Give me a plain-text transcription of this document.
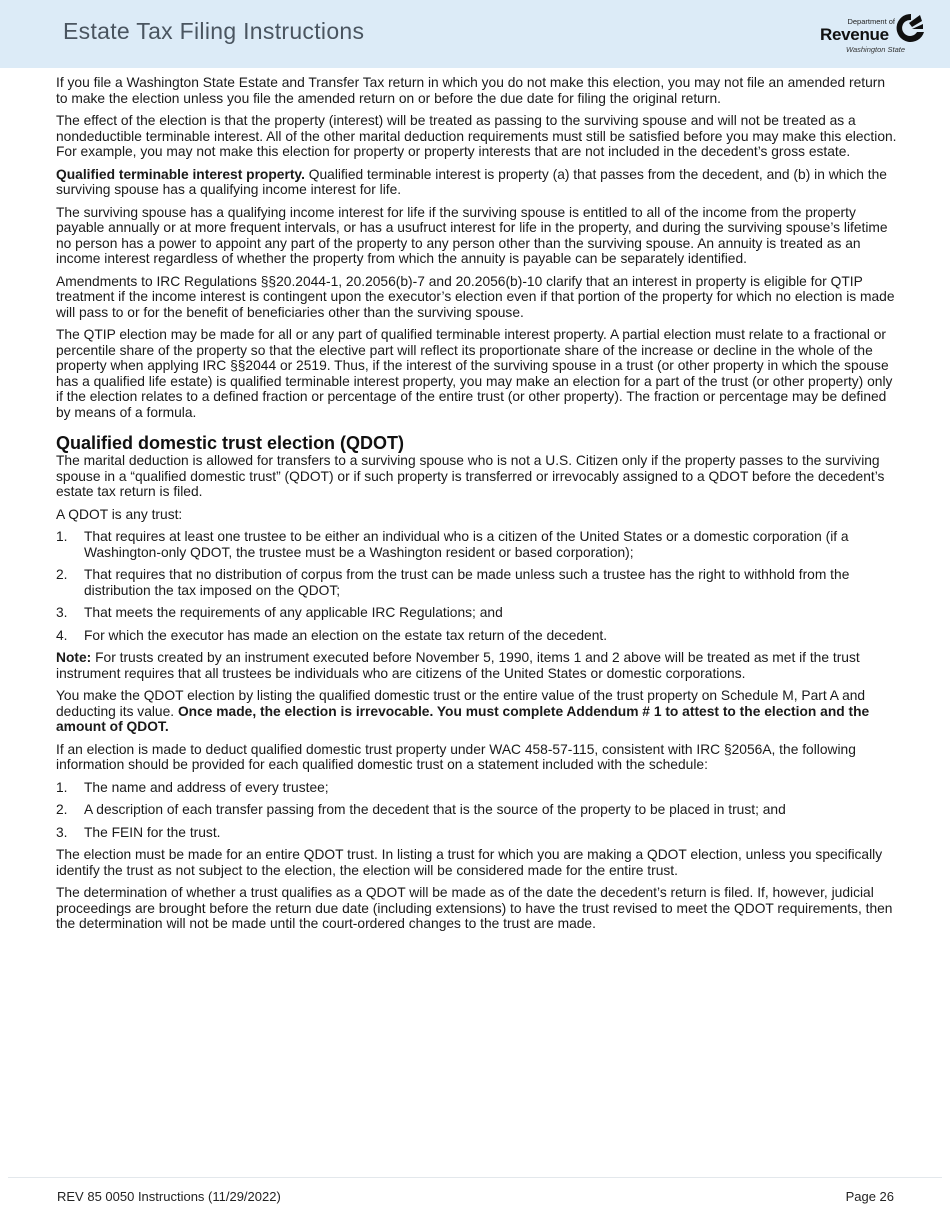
Estate Tax Filing Instructions	Department of
Revenue
Washington State

If you file a Washington State Estate and Transfer Tax return in which you do not make this election, you may not file an amended return to make the election unless you file the amended return on or before the due date for filing the original return.

The effect of the election is that the property (interest) will be treated as passing to the surviving spouse and will not be treated as a nondeductible terminable interest. All of the other marital deduction requirements must still be satisfied before you may make this election. For example, you may not make this election for property or property interests that are not included in the decedent’s gross estate.

Qualified terminable interest property. Qualified terminable interest is property (a) that passes from the decedent, and (b) in which the surviving spouse has a qualifying income interest for life.

The surviving spouse has a qualifying income interest for life if the surviving spouse is entitled to all of the income from the property payable annually or at more frequent intervals, or has a usufruct interest for life in the property, and during the surviving spouse’s lifetime no person has a power to appoint any part of the property to any person other than the surviving spouse. An annuity is treated as an income interest regardless of whether the property from which the annuity is payable can be separately identified.

Amendments to IRC Regulations §§20.2044-1, 20.2056(b)-7 and 20.2056(b)-10 clarify that an interest in property is eligible for QTIP treatment if the income interest is contingent upon the executor’s election even if that portion of the property for which no election is made will pass to or for the benefit of beneficiaries other than the surviving spouse.

The QTIP election may be made for all or any part of qualified terminable interest property. A partial election must relate to a fractional or percentile share of the property so that the elective part will reflect its proportionate share of the increase or decline in the whole of the property when applying IRC §§2044 or 2519. Thus, if the interest of the surviving spouse in a trust (or other property in which the spouse has a qualified life estate) is qualified terminable interest property, you may make an election for a part of the trust (or other property) only if the election relates to a defined fraction or percentage of the entire trust (or other property). The fraction or percentage may be defined by means of a formula.

Qualified domestic trust election (QDOT)

The marital deduction is allowed for transfers to a surviving spouse who is not a U.S. Citizen only if the property passes to the surviving spouse in a “qualified domestic trust” (QDOT) or if such property is transferred or irrevocably assigned to a QDOT before the decedent’s estate tax return is filed.

A QDOT is any trust:

1. That requires at least one trustee to be either an individual who is a citizen of the United States or a domestic corporation (if a Washington-only QDOT, the trustee must be a Washington resident or based corporation);
2. That requires that no distribution of corpus from the trust can be made unless such a trustee has the right to withhold from the distribution the tax imposed on the QDOT;
3. That meets the requirements of any applicable IRC Regulations; and
4. For which the executor has made an election on the estate tax return of the decedent.

Note: For trusts created by an instrument executed before November 5, 1990, items 1 and 2 above will be treated as met if the trust instrument requires that all trustees be individuals who are citizens of the United States or domestic corporations.

You make the QDOT election by listing the qualified domestic trust or the entire value of the trust property on Schedule M, Part A and deducting its value. Once made, the election is irrevocable. You must complete Addendum # 1 to attest to the election and the amount of QDOT.

If an election is made to deduct qualified domestic trust property under WAC 458-57-115, consistent with IRC §2056A, the following information should be provided for each qualified domestic trust on a statement included with the schedule:

1. The name and address of every trustee;
2. A description of each transfer passing from the decedent that is the source of the property to be placed in trust; and
3. The FEIN for the trust.

The election must be made for an entire QDOT trust. In listing a trust for which you are making a QDOT election, unless you specifically identify the trust as not subject to the election, the election will be considered made for the entire trust.

The determination of whether a trust qualifies as a QDOT will be made as of the date the decedent’s return is filed. If, however, judicial proceedings are brought before the return due date (including extensions) to have the trust revised to meet the QDOT requirements, then the determination will not be made until the court-ordered changes to the trust are made.

REV 85 0050 Instructions (11/29/2022)	Page 26
